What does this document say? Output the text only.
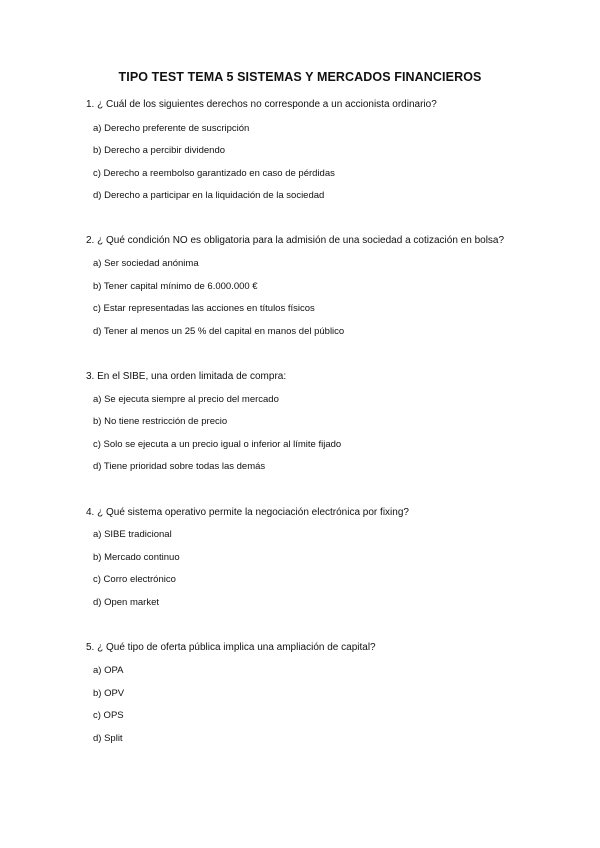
TIPO TEST TEMA 5 SISTEMAS Y MERCADOS FINANCIEROS
1. ¿ Cuál de los siguientes derechos no corresponde a un accionista ordinario?
a) Derecho preferente de suscripción
b) Derecho a percibir dividendo
c) Derecho a reembolso garantizado en caso de pérdidas
d) Derecho a participar en la liquidación de la sociedad
2. ¿ Qué condición NO es obligatoria para la admisión de una sociedad a cotización en bolsa?
a) Ser sociedad anónima
b) Tener capital mínimo de 6.000.000 €
c) Estar representadas las acciones en títulos físicos
d) Tener al menos un 25 % del capital en manos del público
3. En el SIBE, una orden limitada de compra:
a) Se ejecuta siempre al precio del mercado
b) No tiene restricción de precio
c) Solo se ejecuta a un precio igual o inferior al límite fijado
d) Tiene prioridad sobre todas las demás
4. ¿ Qué sistema operativo permite la negociación electrónica por fixing?
a) SIBE tradicional
b) Mercado continuo
c) Corro electrónico
d) Open market
5. ¿ Qué tipo de oferta pública implica una ampliación de capital?
a) OPA
b) OPV
c) OPS
d) Split
